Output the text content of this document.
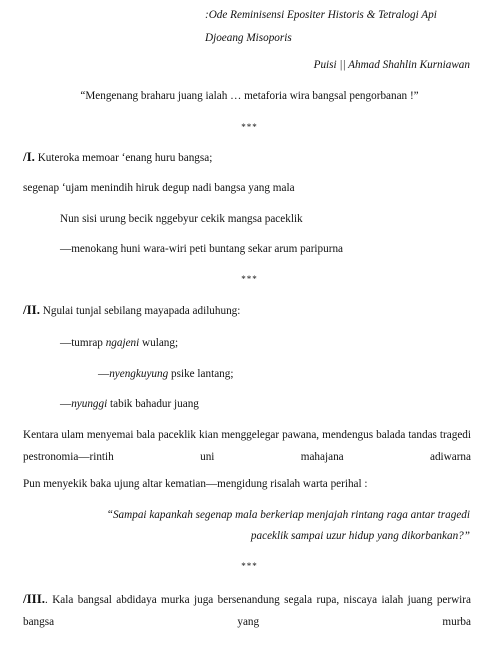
:Ode Reminisensi Epositer Historis & Tetralogi Api
Djoeang Misoporis
Puisi || Ahmad Shahlin Kurniawan
“Mengenang braharu juang ialah … metaforia wira bangsal pengorbanan !”
***
/I. Kuteroka memoar ‘enang huru bangsa;
segenap ‘ujam menindih hiruk degup nadi bangsa yang mala
Nun sisi urung becik nggebyur cekik mangsa paceklik
—menokang huni wara-wiri peti buntang sekar arum paripurna
***
/II. Ngulai tunjal sebilang mayapada adiluhung:
—tumrap ngajeni wulang;
—nyengkuyung psike lantang;
—nyunggi tabik bahadur juang
Kentara ulam menyemai bala paceklik kian menggelegar pawana, mendengus balada tandas tragedi pestronomia—rintih uni mahajana adiwarna
Pun menyekik baka ujung altar kematian—mengidung risalah warta perihal :
“Sampai kapankah segenap mala berkeriap menjajah rintang raga antar tragedi
paceklik sampai uzur hidup yang dikorbankan?”
***
/III.. Kala bangsal abdidaya murka juga bersenandung segala rupa, niscaya ialah juang perwira bangsa yang murba
